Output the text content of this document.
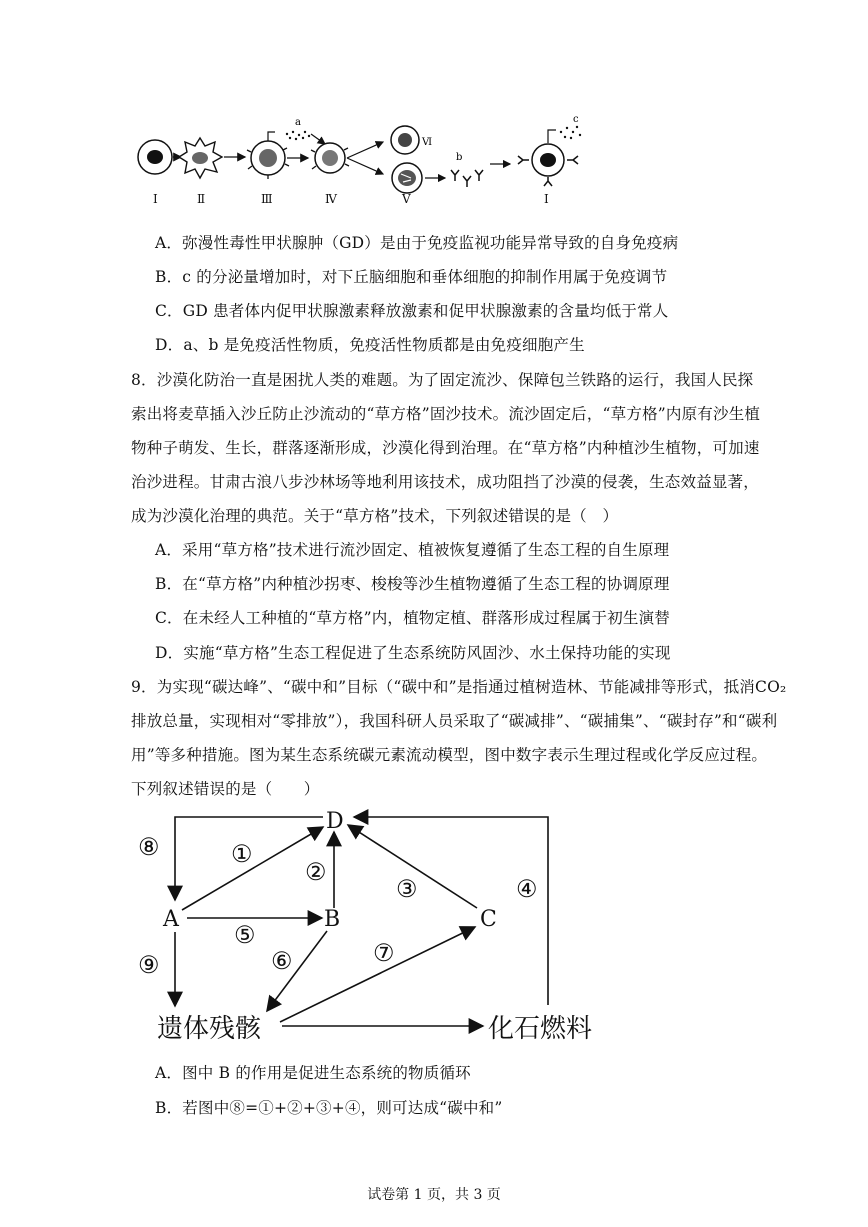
a
Ⅵ
b
c
Ⅰ	Ⅱ	Ⅲ	Ⅳ	Ⅴ	Ⅰ
A．弥漫性毒性甲状腺肿（GD）是由于免疫监视功能异常导致的自身免疫病
B．c 的分泌量增加时，对下丘脑细胞和垂体细胞的抑制作用属于免疫调节
C．GD 患者体内促甲状腺激素释放激素和促甲状腺激素的含量均低于常人
D．a、b 是免疫活性物质，免疫活性物质都是由免疫细胞产生
8．沙漠化防治一直是困扰人类的难题。为了固定流沙、保障包兰铁路的运行，我国人民探
索出将麦草插入沙丘防止沙流动的“草方格”固沙技术。流沙固定后，“草方格”内原有沙生植
物种子萌发、生长，群落逐渐形成，沙漠化得到治理。在“草方格”内种植沙生植物，可加速
治沙进程。甘肃古浪八步沙林场等地利用该技术，成功阻挡了沙漠的侵袭，生态效益显著，
成为沙漠化治理的典范。关于“草方格”技术，下列叙述错误的是（　）
A．采用“草方格”技术进行流沙固定、植被恢复遵循了生态工程的自生原理
B．在“草方格”内种植沙拐枣、梭梭等沙生植物遵循了生态工程的协调原理
C．在未经人工种植的“草方格”内，植物定植、群落形成过程属于初生演替
D．实施“草方格”生态工程促进了生态系统防风固沙、水土保持功能的实现
9．为实现“碳达峰”、“碳中和”目标（“碳中和”是指通过植树造林、节能减排等形式，抵消CO₂
排放总量，实现相对“零排放”），我国科研人员采取了“碳减排”、“碳捕集”、“碳封存”和“碳利
用”等多种措施。图为某生态系统碳元素流动模型，图中数字表示生理过程或化学反应过程。
下列叙述错误的是（　　）
D
A	B	C
遗体残骸	化石燃料
①
②
③	④
⑤
⑥	⑦
⑧
⑨
A．图中 B 的作用是促进生态系统的物质循环
B．若图中⑧=①+②+③+④，则可达成“碳中和”
试卷第 1 页，共 3 页
